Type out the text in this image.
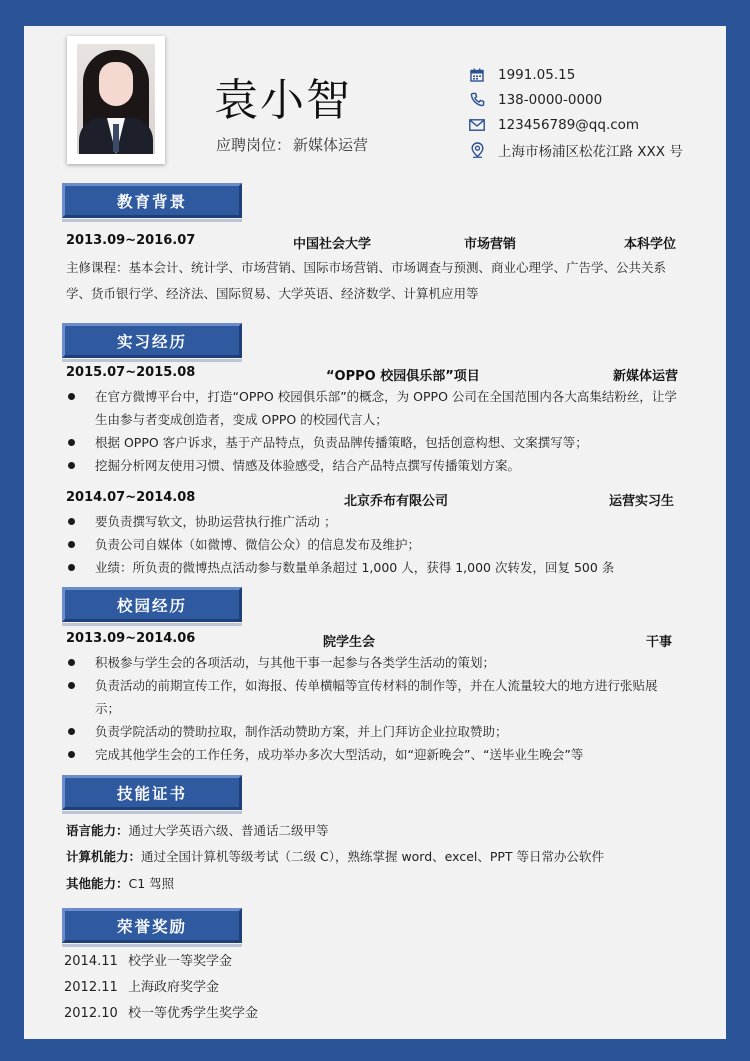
袁小智
应聘岗位： 新媒体运营
1991.05.15
138-0000-0000
123456789@qq.com
上海市杨浦区松花江路 XXX 号
教育背景
2013.09~2016.07	中国社会大学	市场营销	本科学位
主修课程：基本会计、统计学、市场营销、国际市场营销、市场调查与预测、商业心理学、广告学、公共关系学、货币银行学、经济法、国际贸易、大学英语、经济数学、计算机应用等
实习经历
2015.07~2015.08	“OPPO 校园俱乐部”项目	新媒体运营
在官方微博平台中，打造“OPPO 校园俱乐部”的概念，为 OPPO 公司在全国范围内各大高集结粉丝，让学生由参与者变成创造者，变成 OPPO 的校园代言人；
根据 OPPO 客户诉求，基于产品特点，负责品牌传播策略，包括创意构想、文案撰写等；
挖掘分析网友使用习惯、情感及体验感受，结合产品特点撰写传播策划方案。
2014.07~2014.08	北京乔布有限公司	运营实习生
要负责撰写软文，协助运营执行推广活动 ；
负责公司自媒体（如微博、微信公众）的信息发布及维护；
业绩：所负责的微博热点活动参与数量单条超过 1,000 人，获得 1,000 次转发，回复 500 条
校园经历
2013.09~2014.06	院学生会	干事
积极参与学生会的各项活动，与其他干事一起参与各类学生活动的策划；
负责活动的前期宣传工作，如海报、传单横幅等宣传材料的制作等，并在人流量较大的地方进行张贴展示；
负责学院活动的赞助拉取，制作活动赞助方案，并上门拜访企业拉取赞助；
完成其他学生会的工作任务，成功举办多次大型活动，如“迎新晚会”、“送毕业生晚会”等
技能证书
语言能力：通过大学英语六级、普通话二级甲等
计算机能力：通过全国计算机等级考试（二级 C），熟练掌握 word、excel、PPT 等日常办公软件
其他能力：C1 驾照
荣誉奖励
2014.11 校学业一等奖学金
2012.11 上海政府奖学金
2012.10 校一等优秀学生奖学金
